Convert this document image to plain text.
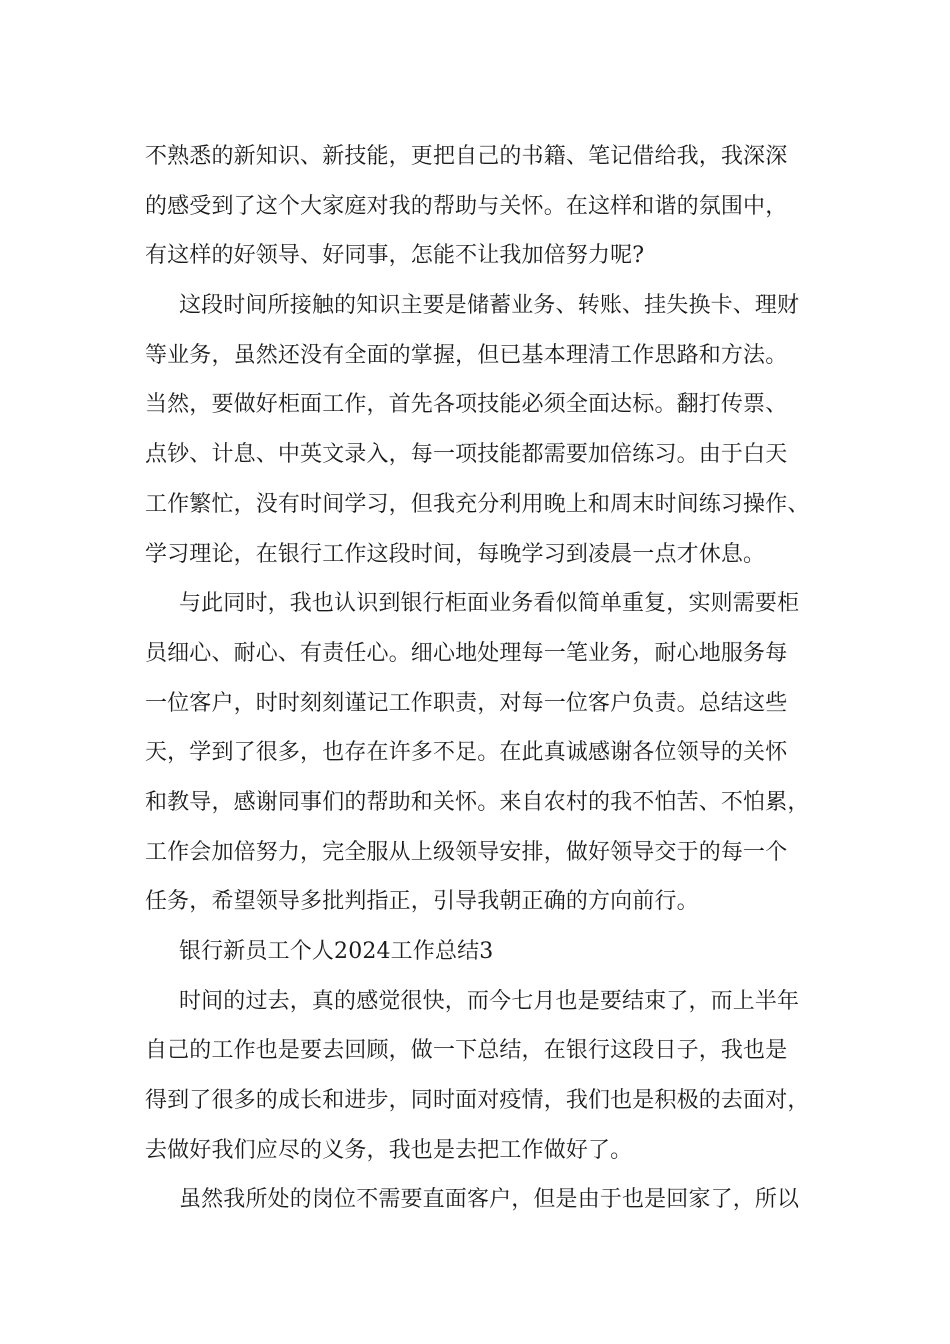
不熟悉的新知识、新技能，更把自己的书籍、笔记借给我，我深深
的感受到了这个大家庭对我的帮助与关怀。在这样和谐的氛围中，
有这样的好领导、好同事，怎能不让我加倍努力呢?
这段时间所接触的知识主要是储蓄业务、转账、挂失换卡、理财
等业务，虽然还没有全面的掌握，但已基本理清工作思路和方法。
当然，要做好柜面工作，首先各项技能必须全面达标。翻打传票、
点钞、计息、中英文录入，每一项技能都需要加倍练习。由于白天
工作繁忙，没有时间学习，但我充分利用晚上和周末时间练习操作、
学习理论，在银行工作这段时间，每晚学习到凌晨一点才休息。
与此同时，我也认识到银行柜面业务看似简单重复，实则需要柜
员细心、耐心、有责任心。细心地处理每一笔业务，耐心地服务每
一位客户，时时刻刻谨记工作职责，对每一位客户负责。总结这些
天，学到了很多，也存在许多不足。在此真诚感谢各位领导的关怀
和教导，感谢同事们的帮助和关怀。来自农村的我不怕苦、不怕累，
工作会加倍努力，完全服从上级领导安排，做好领导交于的每一个
任务，希望领导多批判指正，引导我朝正确的方向前行。
银行新员工个人2024工作总结3
时间的过去，真的感觉很快，而今七月也是要结束了，而上半年
自己的工作也是要去回顾，做一下总结，在银行这段日子，我也是
得到了很多的成长和进步，同时面对疫情，我们也是积极的去面对，
去做好我们应尽的义务，我也是去把工作做好了。
虽然我所处的岗位不需要直面客户，但是由于也是回家了，所以
